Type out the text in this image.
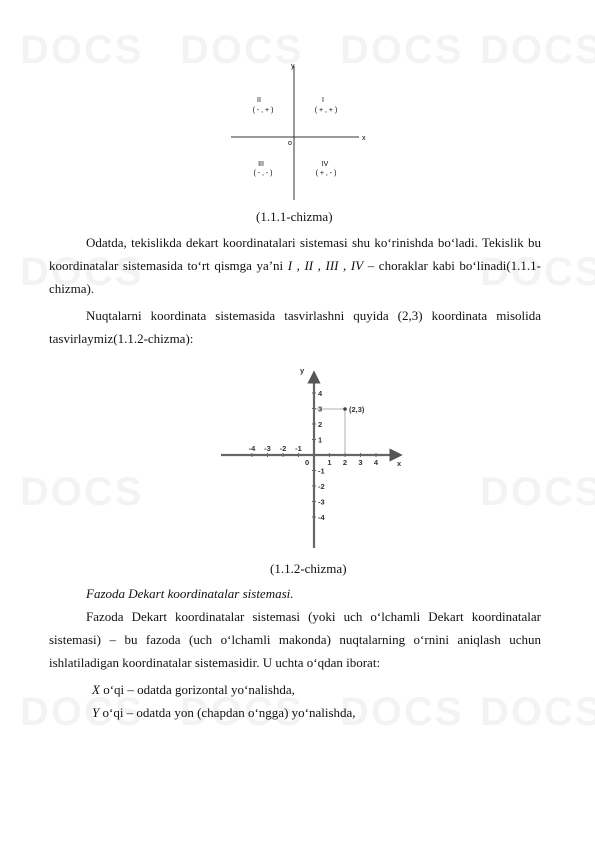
x
y
o
II
( - , + )
I
( + , + )
III
( - , - )
IV
( + , - )
(1.1.1-chizma)

Odatda, tekislikda dekart koordinatalari sistemasi shu ko‘rinishda bo‘ladi. Tekislik bu koordinatalar sistemasida to‘rt qismga ya’ni I , II , III , IV – choraklar kabi bo‘linadi(1.1.1-chizma).

Nuqtalarni koordinata sistemasida tasvirlashni quyida (2,3) koordinata misolida tasvirlaymiz(1.1.2-chizma):

(2,3)
x
y
0
-4 -3 -2 -1
1 2 3 4
4
3
2
1
-1
-2
-3
-4
(1.1.2-chizma)
Fazoda Dekart koordinatalar sistemasi.

Fazoda Dekart koordinatalar sistemasi (yoki uch o‘lchamli Dekart koordinatalar sistemasi) – bu fazoda (uch o‘lchamli makonda) nuqtalarning o‘rnini aniqlash uchun ishlatiladigan koordinatalar sistemasidir. U uchta o‘qdan iborat:

X o‘qi – odatda gorizontal yo‘nalishda,
Y o‘qi – odatda yon (chapdan o‘ngga) yo‘nalishda,
